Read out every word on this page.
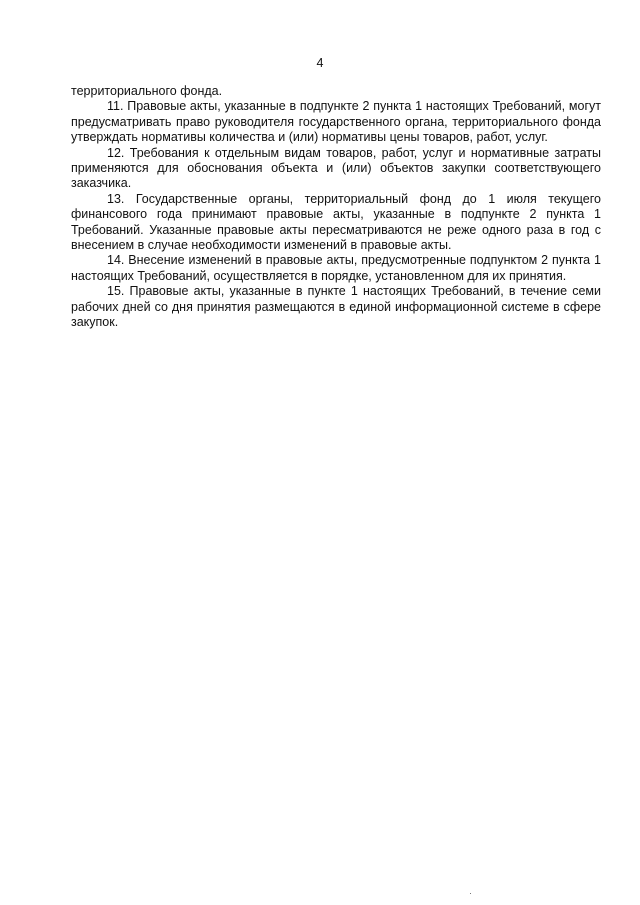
4

территориального фонда.

11. Правовые акты, указанные в подпункте 2 пункта 1 настоящих Требований, могут предусматривать право руководителя государственного органа, территориального фонда утверждать нормативы количества и (или) нормативы цены товаров, работ, услуг.

12. Требования к отдельным видам товаров, работ, услуг и нормативные затраты применяются для обоснования объекта и (или) объектов закупки соответствующего заказчика.

13. Государственные органы, территориальный фонд до 1 июля текущего финансового года принимают правовые акты, указанные в подпункте 2 пункта 1 Требований. Указанные правовые акты пересматриваются не реже одного раза в год с внесением в случае необходимости изменений в правовые акты.

14. Внесение изменений в правовые акты, предусмотренные подпунктом 2 пункта 1 настоящих Требований, осуществляется в порядке, установленном для их принятия.

15. Правовые акты, указанные в пункте 1 настоящих Требований, в течение семи рабочих дней со дня принятия размещаются в единой информационной системе в сфере закупок.
